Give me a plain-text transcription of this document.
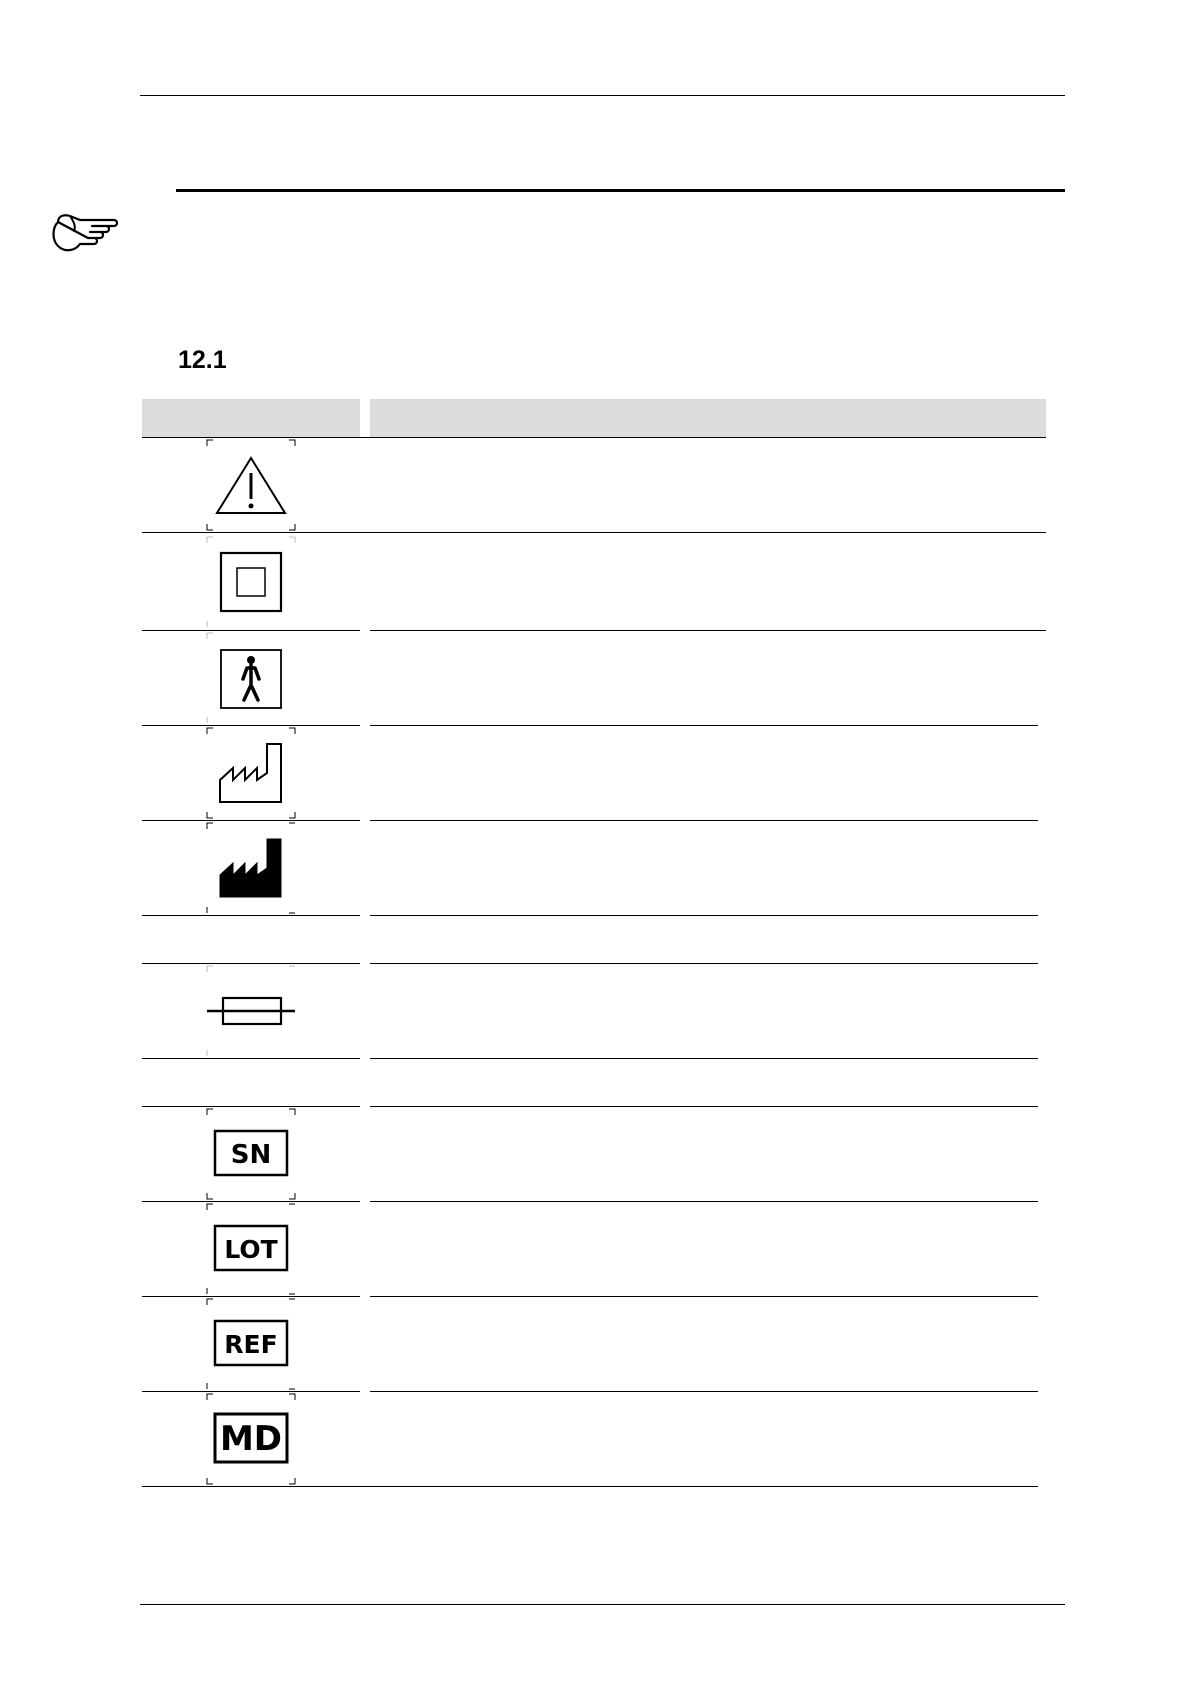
12.1
SN
LOT
REF
MD
